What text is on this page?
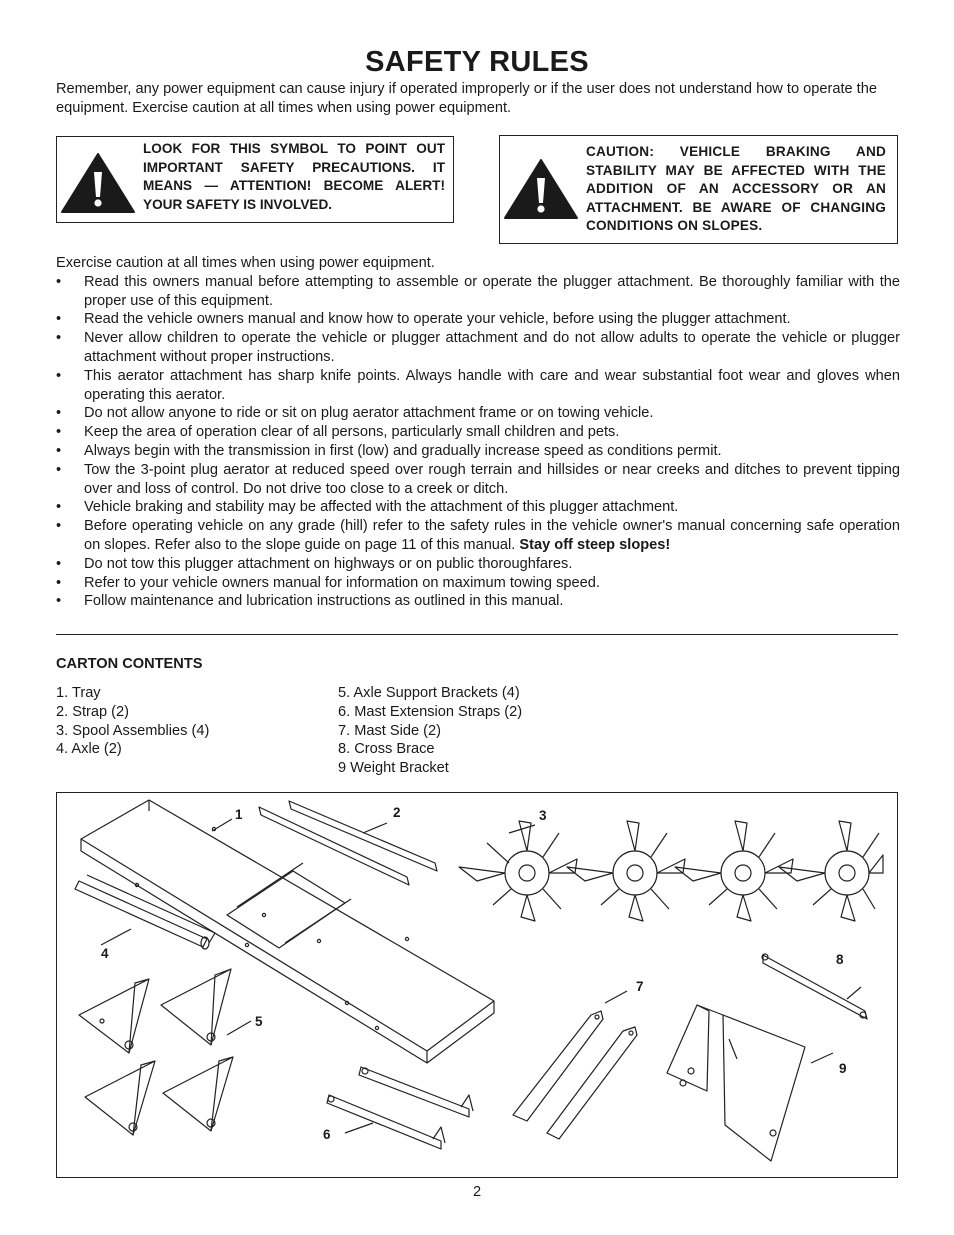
SAFETY RULES
Remember, any power equipment can cause injury if operated improperly or if the user does not understand how to operate the equipment. Exercise caution at all times when using power equipment.
LOOK FOR THIS SYMBOL TO POINT OUT IMPORTANT SAFETY PRECAUTIONS. IT MEANS — ATTENTION! BECOME ALERT! YOUR SAFETY IS INVOLVED.
CAUTION: VEHICLE BRAKING AND STABILITY MAY BE AFFECTED WITH THE ADDITION OF AN ACCESSORY OR AN ATTACHMENT. BE AWARE OF CHANGING CONDITIONS ON SLOPES.
Exercise caution at all times when using power equipment.
• Read this owners manual before attempting to assemble or operate the plugger attachment. Be thoroughly familiar with the proper use of this equipment.
• Read the vehicle owners manual and know how to operate your vehicle, before using the plugger attachment.
• Never allow children to operate the vehicle or plugger attachment and do not allow adults to operate the vehicle or plugger attachment without proper instructions.
• This aerator attachment has sharp knife points. Always handle with care and wear substantial foot wear and gloves when operating this aerator.
• Do not allow anyone to ride or sit on plug aerator attachment frame or on towing vehicle.
• Keep the area of operation clear of all persons, particularly small children and pets.
• Always begin with the transmission in first (low) and gradually increase speed as conditions permit.
• Tow the 3-point plug aerator at reduced speed over rough terrain and hillsides or near creeks and ditches to prevent tipping over and loss of control. Do not drive too close to a creek or ditch.
• Vehicle braking and stability may be affected with the attachment of this plugger attachment.
• Before operating vehicle on any grade (hill) refer to the safety rules in the vehicle owner's manual concerning safe operation on slopes. Refer also to the slope guide on page 11 of this manual. Stay off steep slopes!
• Do not tow this plugger attachment on highways or on public thoroughfares.
• Refer to your vehicle owners manual for information on maximum towing speed.
• Follow maintenance and lubrication instructions as outlined in this manual.
CARTON CONTENTS
1. Tray
2. Strap (2)
3. Spool Assemblies (4)
4. Axle (2)
5. Axle Support Brackets (4)
6. Mast Extension Straps (2)
7. Mast Side (2)
8. Cross Brace
9 Weight Bracket
1	2	3
4
5
6
7
8
9
2
